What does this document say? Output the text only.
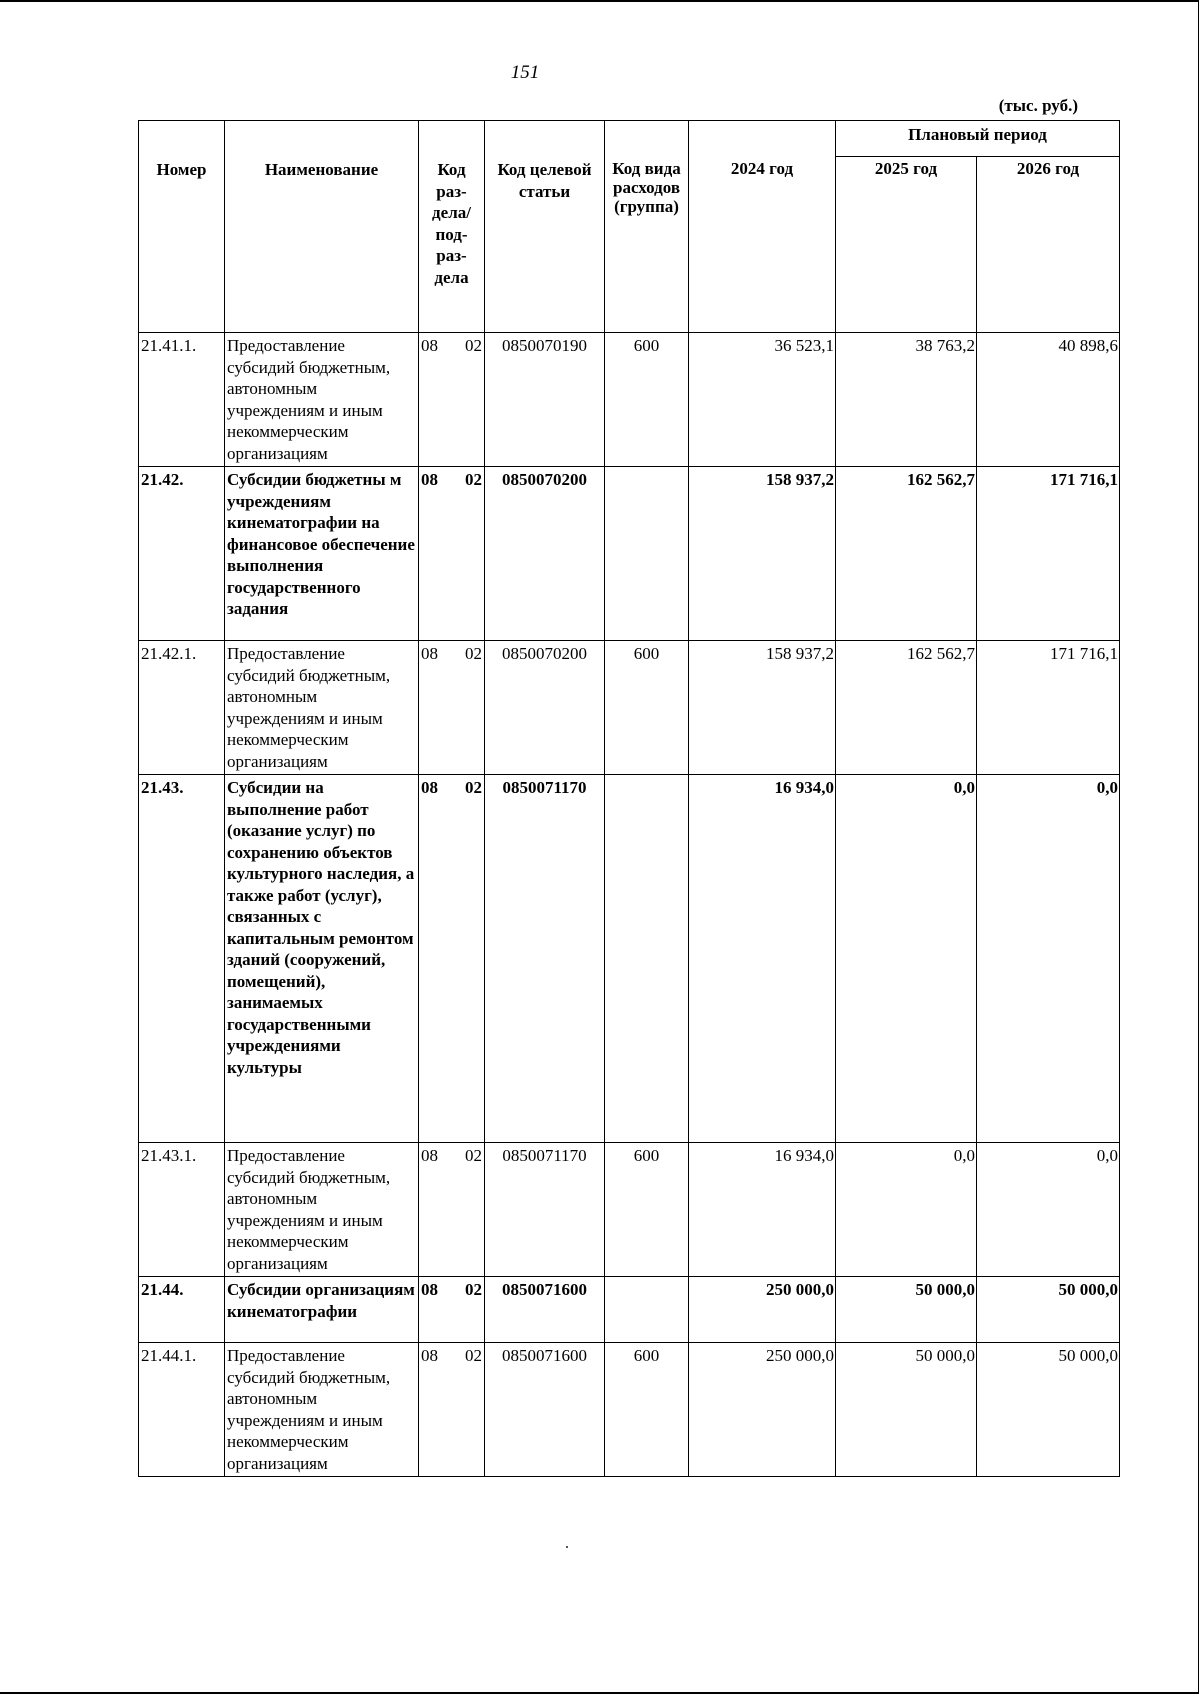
151
(тыс. руб.)
Номер	Наименование	Код раз- дела/ под- раз- дела	Код целевой статьи	Код вида расходов (группа)	2024 год	Плановый период	
						2025 год	2026 год
21.41.1.	Предоставление субсидий бюджетным, автономным учреждениям и иным некоммерческим организациям	08 02	0850070190	600	36 523,1	38 763,2	40 898,6
21.42.	Субсидии бюджетны м учреждениям кинематографии на финансовое обеспечение выполнения государственного задания	08 02	0850070200		158 937,2	162 562,7	171 716,1
21.42.1.	Предоставление субсидий бюджетным, автономным учреждениям и иным некоммерческим организациям	08 02	0850070200	600	158 937,2	162 562,7	171 716,1
21.43.	Субсидии на выполнение работ (оказание услуг) по сохранению объектов культурного наследия, а также работ (услуг), связанных с капитальным ремонтом зданий (сооружений, помещений), занимаемых государственными учреждениями культуры	08 02	0850071170		16 934,0	0,0	0,0
21.43.1.	Предоставление субсидий бюджетным, автономным учреждениям и иным некоммерческим организациям	08 02	0850071170	600	16 934,0	0,0	0,0
21.44.	Субсидии организациям кинематографии	08 02	0850071600		250 000,0	50 000,0	50 000,0
21.44.1.	Предоставление субсидий бюджетным, автономным учреждениям и иным некоммерческим организациям	08 02	0850071600	600	250 000,0	50 000,0	50 000,0
